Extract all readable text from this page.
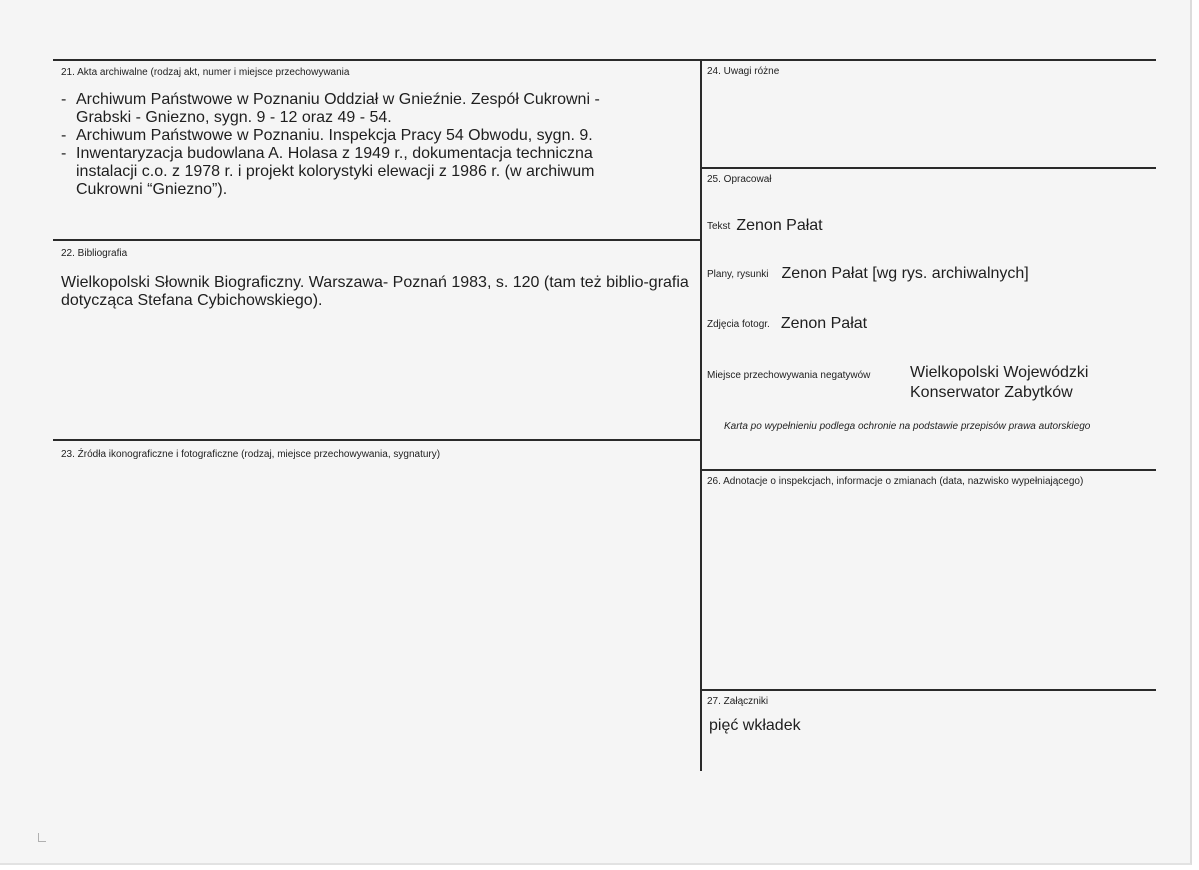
21. Akta archiwalne (rodzaj akt, numer i miejsce przechowywania
- Archiwum Państwowe w Poznaniu Oddział w Gnieźnie. Zespół Cukrowni - Grabski - Gniezno, sygn. 9 - 12 oraz 49 - 54.
- Archiwum Państwowe w Poznaniu. Inspekcja Pracy 54 Obwodu, sygn. 9.
- Inwentaryzacja budowlana A. Holasa z 1949 r., dokumentacja techniczna instalacji c.o. z 1978 r. i projekt kolorystyki elewacji z 1986 r. (w archiwum Cukrowni “Gniezno”).
22. Bibliografia
Wielkopolski Słownik Biograficzny. Warszawa- Poznań 1983, s. 120 (tam też biblio-grafia dotycząca Stefana Cybichowskiego).
23. Źródła ikonograficzne i fotograficzne (rodzaj, miejsce przechowywania, sygnatury)
24. Uwagi różne
25. Opracował
Tekst Zenon Pałat
Plany, rysunki Zenon Pałat [wg rys. archiwalnych]
Zdjęcia fotogr. Zenon Pałat
Miejsce przechowywania negatywów Wielkopolski Wojewódzki
Konserwator Zabytków
Karta po wypełnieniu podlega ochronie na podstawie przepisów prawa autorskiego
26. Adnotacje o inspekcjach, informacje o zmianach (data, nazwisko wypełniającego)
27. Załączniki
pięć wkładek
